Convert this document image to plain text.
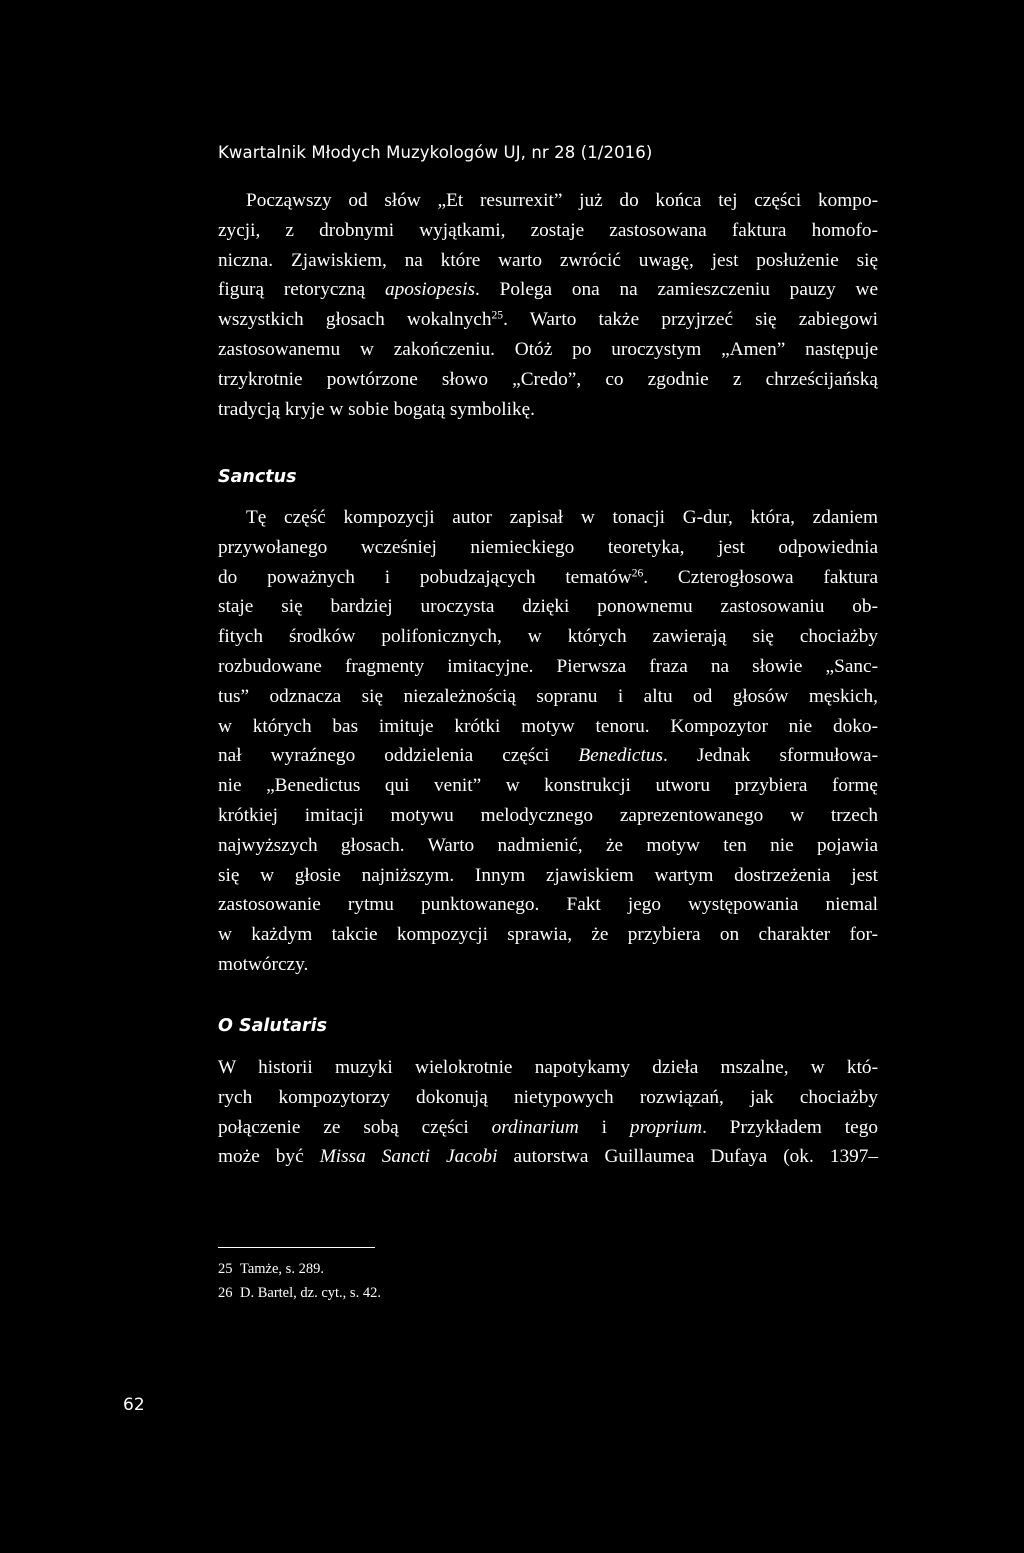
Kwartalnik Młodych Muzykologów UJ, nr 28 (1/2016)
Począwszy od słów „Et resurrexit” już do końca tej części kompo-
zycji, z drobnymi wyjątkami, zostaje zastosowana faktura homofo-
niczna. Zjawiskiem, na które warto zwrócić uwagę, jest posłużenie się
figurą retoryczną aposiopesis. Polega ona na zamieszczeniu pauzy we
wszystkich głosach wokalnych$^{25}$. Warto także przyjrzeć się zabiegowi
zastosowanemu w zakończeniu. Otóż po uroczystym „Amen” następuje
trzykrotnie powtórzone słowo „Credo”, co zgodnie z chrześcijańską
tradycją kryje w sobie bogatą symbolikę.
Sanctus
Tę część kompozycji autor zapisał w tonacji G-dur, która, zdaniem
przywołanego wcześniej niemieckiego teoretyka, jest odpowiednia
do poważnych i pobudzających tematów$^{26}$. Czterogłosowa faktura
staje się bardziej uroczysta dzięki ponownemu zastosowaniu ob-
fitych środków polifonicznych, w których zawierają się chociażby
rozbudowane fragmenty imitacyjne. Pierwsza fraza na słowie „Sanc-
tus” odznacza się niezależnością sopranu i altu od głosów męskich,
w których bas imituje krótki motyw tenoru. Kompozytor nie doko-
nał wyraźnego oddzielenia części Benedictus. Jednak sformułowa-
nie „Benedictus qui venit” w konstrukcji utworu przybiera formę
krótkiej imitacji motywu melodycznego zaprezentowanego w trzech
najwyższych głosach. Warto nadmienić, że motyw ten nie pojawia
się w głosie najniższym. Innym zjawiskiem wartym dostrzeżenia jest
zastosowanie rytmu punktowanego. Fakt jego występowania niemal
w każdym takcie kompozycji sprawia, że przybiera on charakter for-
motwórczy.
O Salutaris
W historii muzyki wielokrotnie napotykamy dzieła mszalne, w któ-
rych kompozytorzy dokonują nietypowych rozwiązań, jak chociażby
połączenie ze sobą części ordinarium i proprium. Przykładem tego
może być Missa Sancti Jacobi autorstwa Guillaumea Dufaya (ok. 1397–
25 Tamże, s. 289.
26 D. Bartel, dz. cyt., s. 42.
62
